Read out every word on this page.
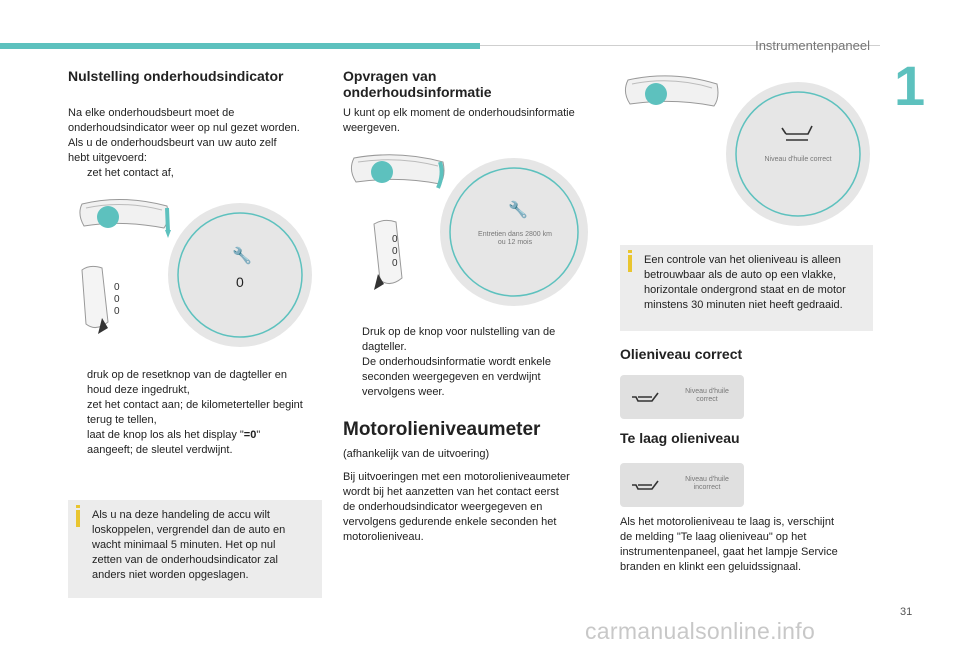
Instrumentenpaneel
1
31
carmanualsonline.info
Nulstelling onderhoudsindicator

Na elke onderhoudsbeurt moet de
onderhoudsindicator weer op nul gezet worden.
Als u de onderhoudsbeurt van uw auto zelf
hebt uitgevoerd:

zet het contact af,

🔧
0
0
0
0

druk op de resetknop van de dagteller en
houd deze ingedrukt,

zet het contact aan; de kilometerteller begint
terug te tellen,

laat de knop los als het display "=0"
aangeeft; de sleutel verdwijnt.

Als u na deze handeling de accu wilt
loskoppelen, vergrendel dan de auto en
wacht minimaal 5 minuten. Het op nul
zetten van de onderhoudsindicator zal
anders niet worden opgeslagen.
Opvragen van
onderhoudsinformatie

U kunt op elk moment de onderhoudsinformatie
weergeven.

🔧
Entretien dans 2800 km
ou 12 mois
0
0
0

Druk op de knop voor nulstelling van de
dagteller.
De onderhoudsinformatie wordt enkele
seconden weergegeven en verdwijnt
vervolgens weer.

Motorolieniveaumeter

(afhankelijk van de uitvoering)

Bij uitvoeringen met een motorolieniveaumeter
wordt bij het aanzetten van het contact eerst
de onderhoudsindicator weergegeven en
vervolgens gedurende enkele seconden het
motorolieniveau.

Niveau d'huile correct
Een controle van het olieniveau is alleen
betrouwbaar als de auto op een vlakke,
horizontale ondergrond staat en de motor
minstens 30 minuten niet heeft gedraaid.
Olieniveau correct
Niveau d'huile
correct
Te laag olieniveau
Niveau d'huile
incorrect

Als het motorolieniveau te laag is, verschijnt
de melding "Te laag olieniveau" op het
instrumentenpaneel, gaat het lampje Service
branden en klinkt een geluidssignaal.
